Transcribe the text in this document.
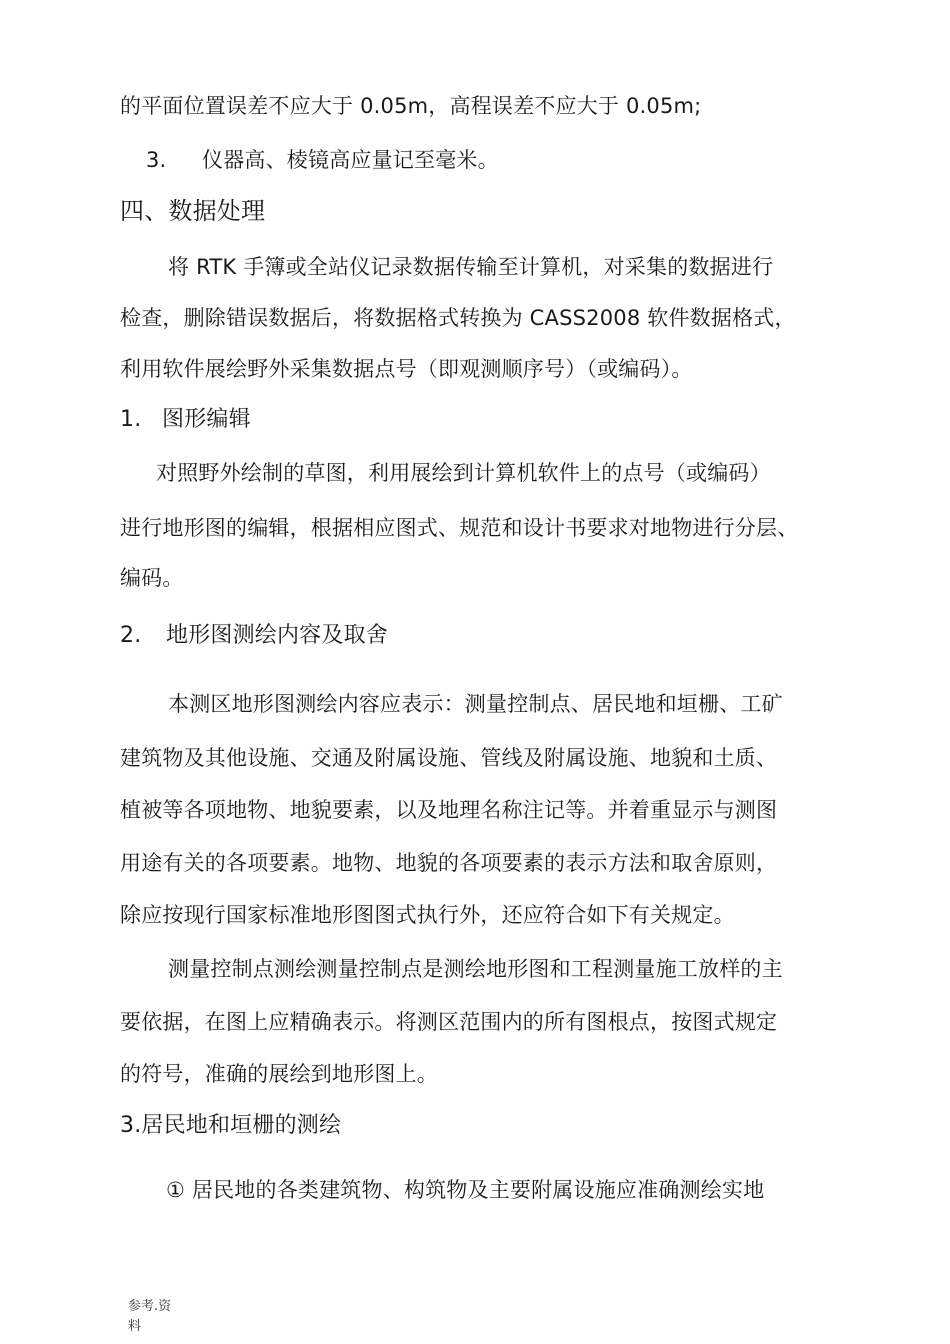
的平面位置误差不应大于 0.05m，高程误差不应大于 0.05m;
3. 仪器高、棱镜高应量记至毫米。
四、数据处理
将 RTK 手簿或全站仪记录数据传输至计算机，对采集的数据进行
检查，删除错误数据后，将数据格式转换为 CASS2008 软件数据格式，
利用软件展绘野外采集数据点号（即观测顺序号）（或编码）。
1. 图形编辑
对照野外绘制的草图，利用展绘到计算机软件上的点号（或编码）
进行地形图的编辑，根据相应图式、规范和设计书要求对地物进行分层、
编码。
2. 地形图测绘内容及取舍
本测区地形图测绘内容应表示：测量控制点、居民地和垣栅、工矿
建筑物及其他设施、交通及附属设施、管线及附属设施、地貌和土质、
植被等各项地物、地貌要素，以及地理名称注记等。并着重显示与测图
用途有关的各项要素。地物、地貌的各项要素的表示方法和取舍原则，
除应按现行国家标准地形图图式执行外，还应符合如下有关规定。
测量控制点测绘测量控制点是测绘地形图和工程测量施工放样的主
要依据，在图上应精确表示。将测区范围内的所有图根点，按图式规定
的符号，准确的展绘到地形图上。
3.居民地和垣栅的测绘
① 居民地的各类建筑物、构筑物及主要附属设施应准确测绘实地
参考.资
料
